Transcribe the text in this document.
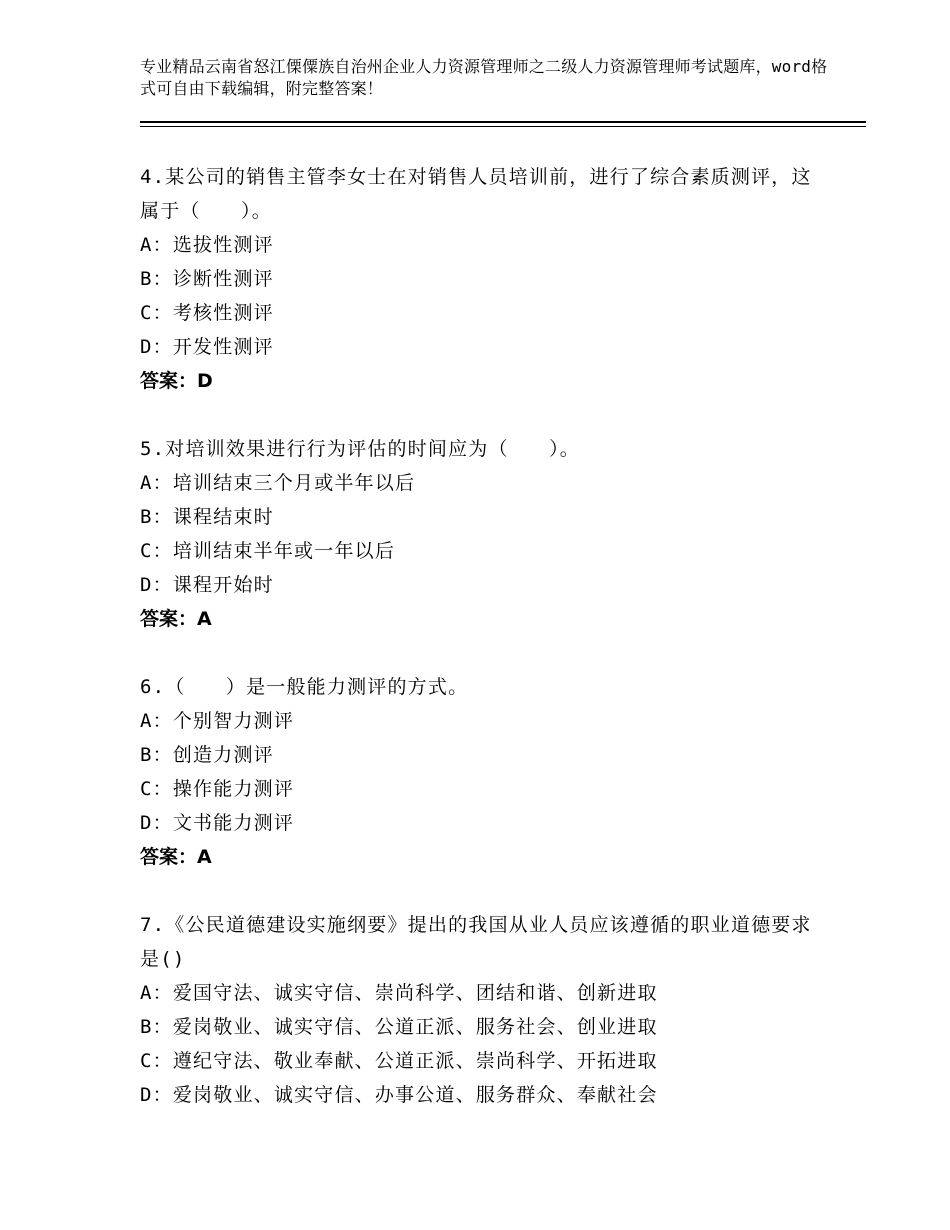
专业精品云南省怒江傈僳族自治州企业人力资源管理师之二级人力资源管理师考试题库，word格式可自由下载编辑，附完整答案！
4.某公司的销售主管李女士在对销售人员培训前，进行了综合素质测评，这属于（　　）。
A：选拔性测评
B：诊断性测评
C：考核性测评
D：开发性测评
答案：D
5.对培训效果进行行为评估的时间应为（　　）。
A：培训结束三个月或半年以后
B：课程结束时
C：培训结束半年或一年以后
D：课程开始时
答案：A
6.（　　）是一般能力测评的方式。
A：个别智力测评
B：创造力测评
C：操作能力测评
D：文书能力测评
答案：A
7.《公民道德建设实施纲要》提出的我国从业人员应该遵循的职业道德要求是()
A：爱国守法、诚实守信、崇尚科学、团结和谐、创新进取
B：爱岗敬业、诚实守信、公道正派、服务社会、创业进取
C：遵纪守法、敬业奉献、公道正派、崇尚科学、开拓进取
D：爱岗敬业、诚实守信、办事公道、服务群众、奉献社会
